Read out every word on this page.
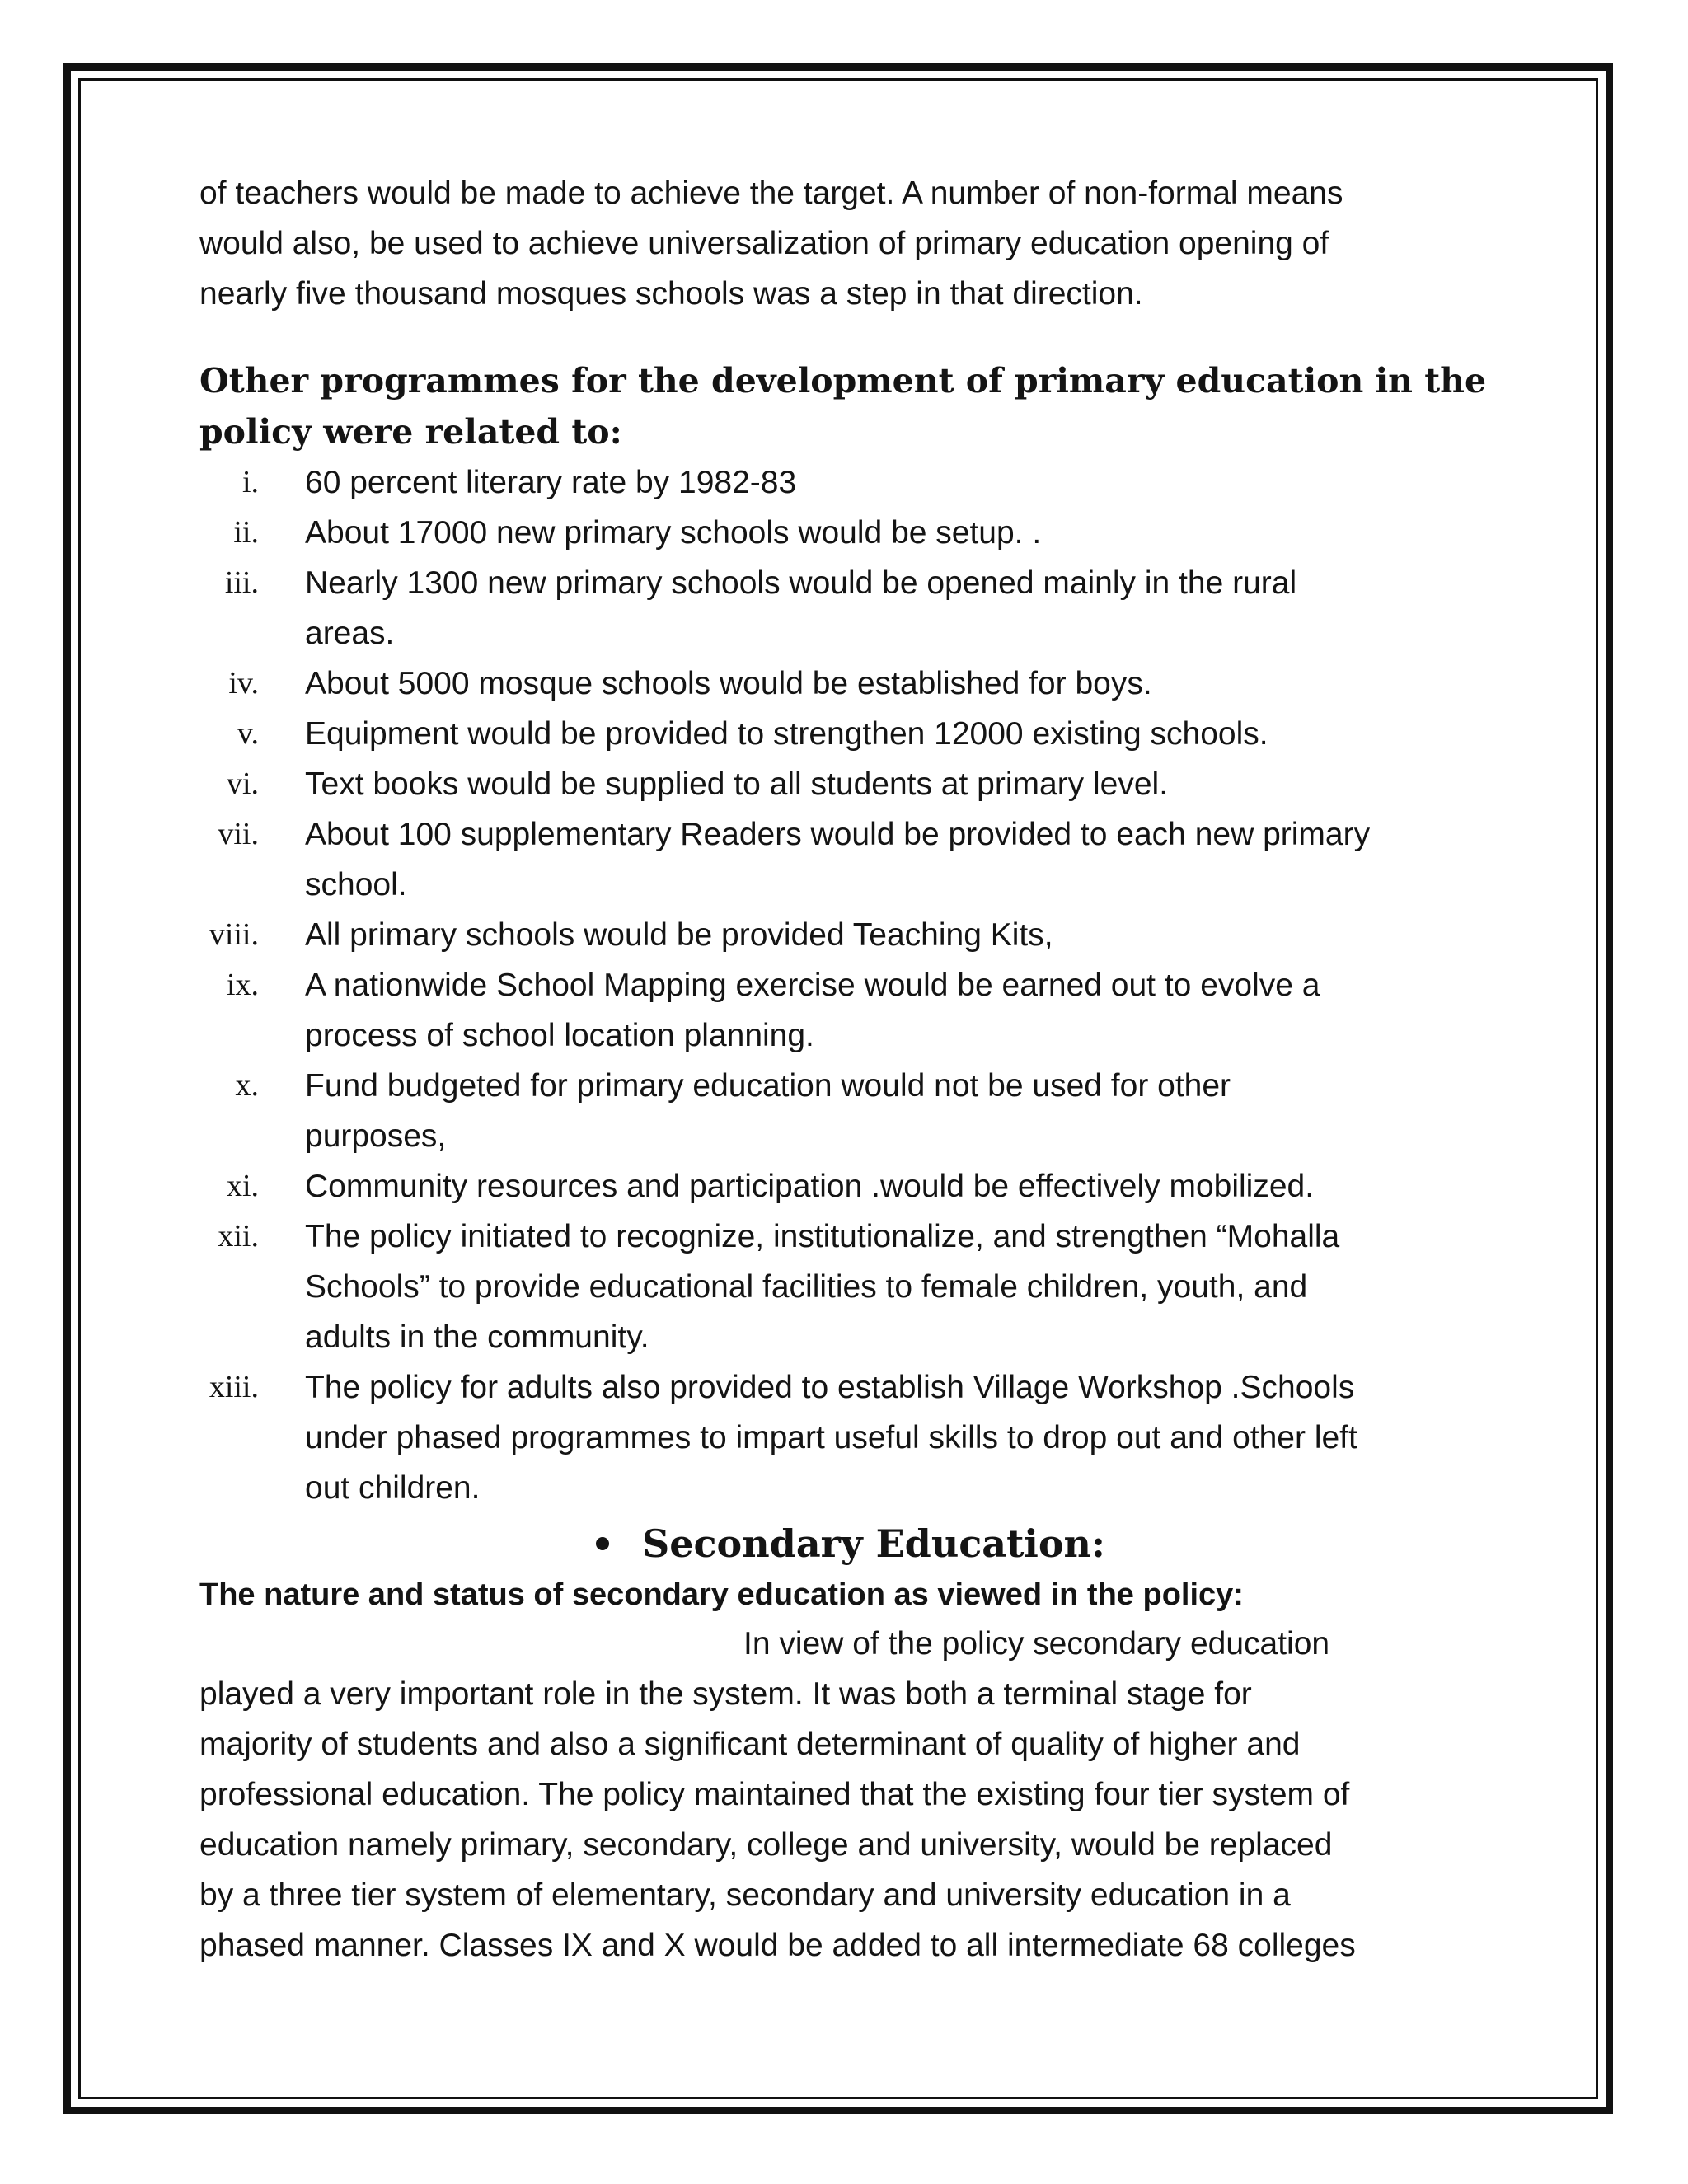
of teachers would be made to achieve the target. A number of non-formal means
would also, be used to achieve universalization of primary education opening of
nearly five thousand mosques schools was a step in that direction.

Other programmes for the development of primary education in the
policy were related to:
i. 60 percent literary rate by 1982-83
ii. About 17000 new primary schools would be setup. .
iii. Nearly 1300 new primary schools would be opened mainly in the rural
areas.
iv. About 5000 mosque schools would be established for boys.
v. Equipment would be provided to strengthen 12000 existing schools.
vi. Text books would be supplied to all students at primary level.
vii. About 100 supplementary Readers would be provided to each new primary
school.
viii. All primary schools would be provided Teaching Kits,
ix. A nationwide School Mapping exercise would be earned out to evolve a
process of school location planning.
x. Fund budgeted for primary education would not be used for other
purposes,
xi. Community resources and participation .would be effectively mobilized.
xii. The policy initiated to recognize, institutionalize, and strengthen “Mohalla
Schools” to provide educational facilities to female children, youth, and
adults in the community.
xiii. The policy for adults also provided to establish Village Workshop .Schools
under phased programmes to impart useful skills to drop out and other left
out children.
Secondary Education:

The nature and status of secondary education as viewed in the policy:

In view of the policy secondary education
played a very important role in the system. It was both a terminal stage for
majority of students and also a significant determinant of quality of higher and
professional education. The policy maintained that the existing four tier system of
education namely primary, secondary, college and university, would be replaced
by a three tier system of elementary, secondary and university education in a
phased manner. Classes IX and X would be added to all intermediate 68 colleges
